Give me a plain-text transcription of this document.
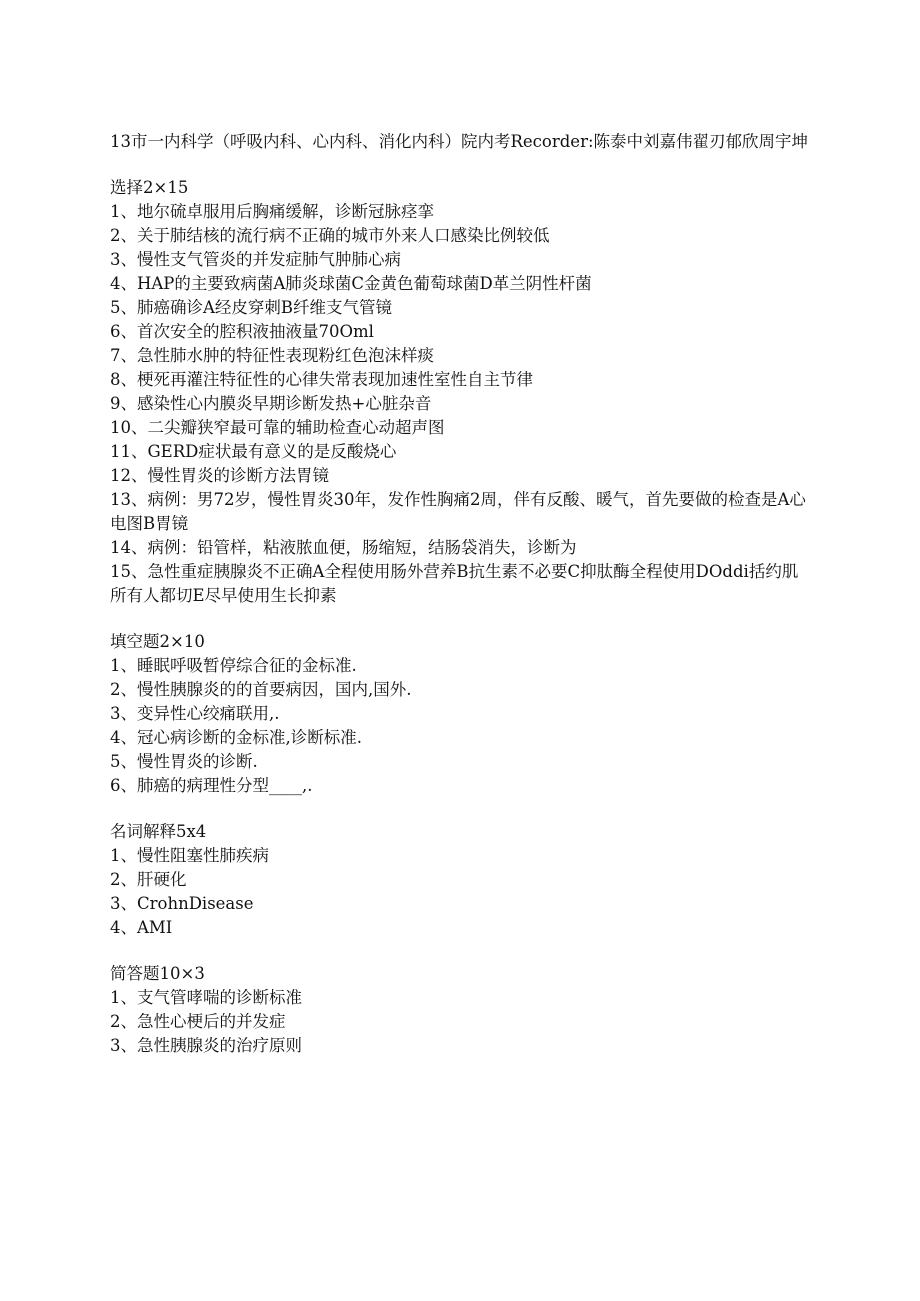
13市一内科学（呼吸内科、心内科、消化内科）院内考Recorder:陈泰中刘嘉伟翟刃郁欣周宇坤

选择2×15

1、地尔硫卓服用后胸痛缓解，诊断冠脉痉挛
2、关于肺结核的流行病不正确的城市外来人口感染比例较低
3、慢性支气管炎的并发症肺气肿肺心病
4、HAP的主要致病菌A肺炎球菌C金黄色葡萄球菌D革兰阴性杆菌
5、肺癌确诊A经皮穿刺B纤维支气管镜
6、首次安全的腔积液抽液量70Oml
7、急性肺水肿的特征性表现粉红色泡沫样痰
8、梗死再灌注特征性的心律失常表现加速性室性自主节律
9、感染性心内膜炎早期诊断发热+心脏杂音
10、二尖瓣狭窄最可靠的辅助检查心动超声图
11、GERD症状最有意义的是反酸烧心
12、慢性胃炎的诊断方法胃镜
13、病例：男72岁，慢性胃炎30年，发作性胸痛2周，伴有反酸、暖气，首先要做的检查是A心电图B胃镜
14、病例：铅管样，粘液脓血便，肠缩短，结肠袋消失，诊断为
15、急性重症胰腺炎不正确A全程使用肠外营养B抗生素不必要C抑肽酶全程使用DOddi括约肌所有人都切E尽早使用生长抑素

填空题2×10

1、睡眠呼吸暂停综合征的金标准.
2、慢性胰腺炎的的首要病因，国内,国外.
3、变异性心绞痛联用,.
4、冠心病诊断的金标准,诊断标准.
5、慢性胃炎的诊断.
6、肺癌的病理性分型____,.

名词解释5x4

1、慢性阻塞性肺疾病
2、肝硬化
3、CrohnDisease
4、AMI

简答题10×3

1、支气管哮喘的诊断标准
2、急性心梗后的并发症
3、急性胰腺炎的治疗原则
